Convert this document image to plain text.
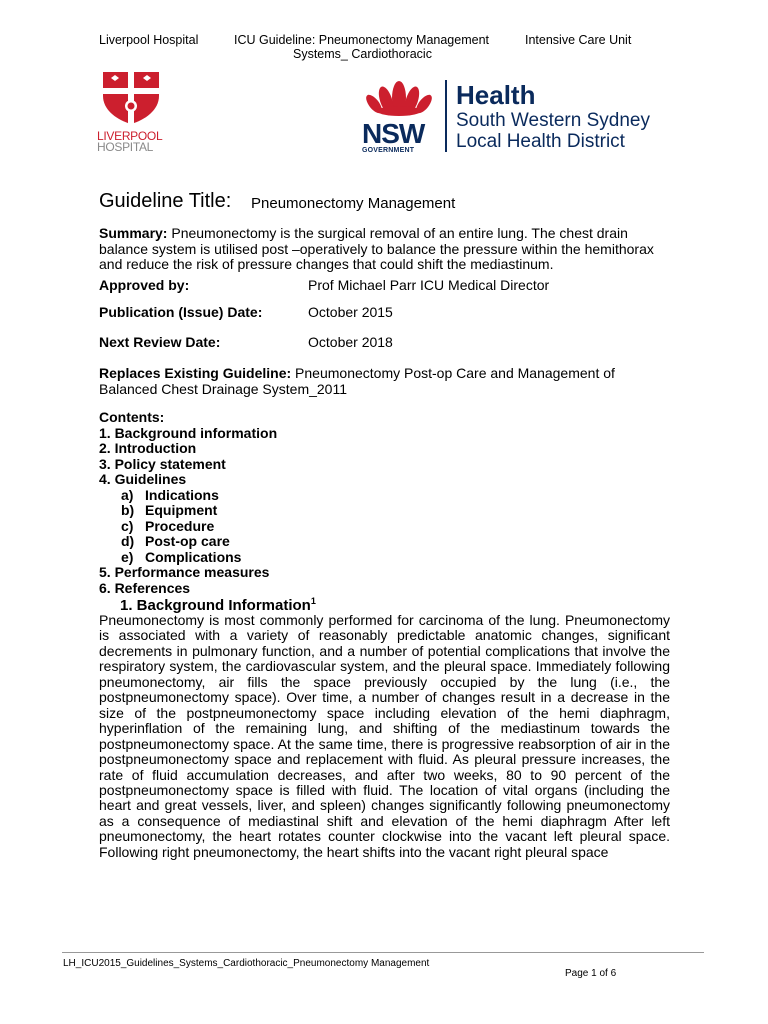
Liverpool Hospital	ICU Guideline: Pneumonectomy Management	Intensive Care Unit
Systems_ Cardiothoracic
LIVERPOOL
HOSPITAL	NSW
GOVERNMENT
Health
South Western Sydney
Local Health District
Guideline Title: Pneumonectomy Management
Summary: Pneumonectomy is the surgical removal of an entire lung. The chest drain balance system is utilised post –operatively to balance the pressure within the hemithorax and reduce the risk of pressure changes that could shift the mediastinum.
Approved by:	Prof Michael Parr ICU Medical Director
Publication (Issue) Date:	October 2015
Next Review Date:	October 2018
Replaces Existing Guideline: Pneumonectomy Post-op Care and Management of Balanced Chest Drainage System_2011
Contents:
1. Background information
2. Introduction
3. Policy statement
4. Guidelines
a) Indications
b) Equipment
c) Procedure
d) Post-op care
e) Complications
5. Performance measures
6. References
1. Background Information$^1$
Pneumonectomy is most commonly performed for carcinoma of the lung. Pneumonectomy is associated with a variety of reasonably predictable anatomic changes, significant decrements in pulmonary function, and a number of potential complications that involve the respiratory system, the cardiovascular system, and the pleural space. Immediately following pneumonectomy, air fills the space previously occupied by the lung (i.e., the postpneumonectomy space). Over time, a number of changes result in a decrease in the size of the postpneumonectomy space including elevation of the hemi diaphragm, hyperinflation of the remaining lung, and shifting of the mediastinum towards the postpneumonectomy space. At the same time, there is progressive reabsorption of air in the postpneumonectomy space and replacement with fluid. As pleural pressure increases, the rate of fluid accumulation decreases, and after two weeks, 80 to 90 percent of the postpneumonectomy space is filled with fluid. The location of vital organs (including the heart and great vessels, liver, and spleen) changes significantly following pneumonectomy as a consequence of mediastinal shift and elevation of the hemi diaphragm After left pneumonectomy, the heart rotates counter clockwise into the vacant left pleural space. Following right pneumonectomy, the heart shifts into the vacant right pleural space
LH_ICU2015_Guidelines_Systems_Cardiothoracic_Pneumonectomy Management
Page 1 of 6
